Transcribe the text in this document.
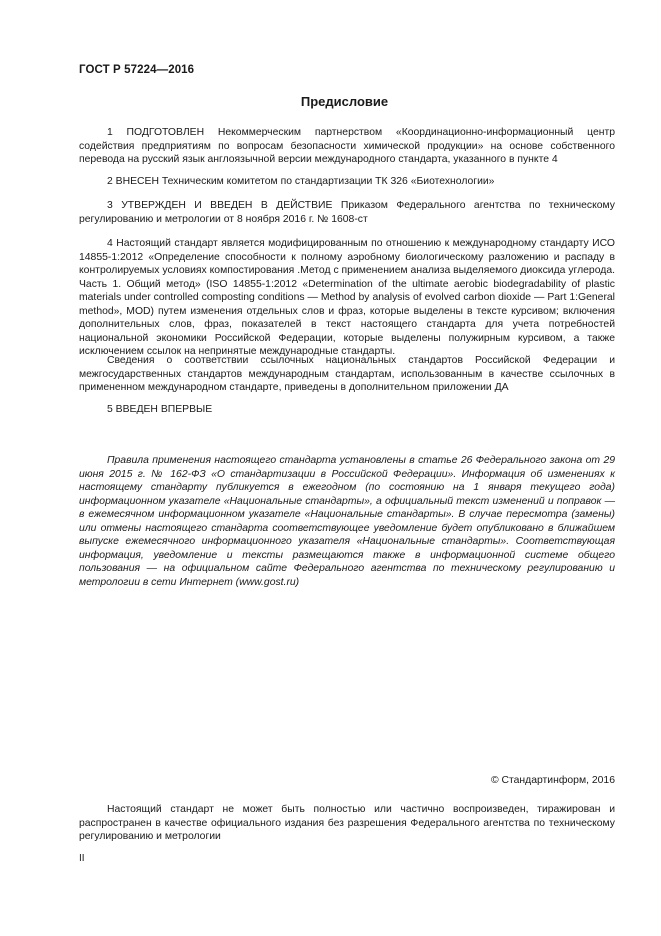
ГОСТ Р 57224—2016
Предисловие

1 ПОДГОТОВЛЕН Некоммерческим партнерством «Координационно-информационный центр содействия предприятиям по вопросам безопасности химической продукции» на основе собственного перевода на русский язык англоязычной версии международного стандарта, указанного в пункте 4

2 ВНЕСЕН Техническим комитетом по стандартизации ТК 326 «Биотехнологии»

3 УТВЕРЖДЕН И ВВЕДЕН В ДЕЙСТВИЕ Приказом Федерального агентства по техническому регулированию и метрологии от 8 ноября 2016 г. № 1608-ст

4 Настоящий стандарт является модифицированным по отношению к международному стандарту ИСО 14855-1:2012 «Определение способности к полному аэробному биологическому разложению и распаду в контролируемых условиях компостирования .Метод с применением анализа выделяемого диоксида углерода. Часть 1. Общий метод» (ISO 14855-1:2012 «Determination of the ultimate aerobic biodegradability of plastic materials under controlled composting conditions — Method by analysis of evolved carbon dioxide — Part 1:General method», MOD) путем изменения отдельных слов и фраз, которые выделены в тексте курсивом; включения дополнительных слов, фраз, показателей в текст настоящего стандарта для учета потребностей национальной экономики Российской Федерации, которые выделены полужирным курсивом, а также исключением ссылок на непринятые международные стандарты.

Сведения о соответствии ссылочных национальных стандартов Российской Федерации и межгосударственных стандартов международным стандартам, использованным в качестве ссылочных в примененном международном стандарте, приведены в дополнительном приложении ДА

5 ВВЕДЕН ВПЕРВЫЕ

Правила применения настоящего стандарта установлены в статье 26 Федерального закона от 29 июня 2015 г. № 162-ФЗ «О стандартизации в Российской Федерации». Информация об изменениях к настоящему стандарту публикуется в ежегодном (по состоянию на 1 января текущего года) информационном указателе «Национальные стандарты», а официальный текст изменений и поправок — в ежемесячном информационном указателе «Национальные стандарты». В случае пересмотра (замены) или отмены настоящего стандарта соответствующее уведомление будет опубликовано в ближайшем выпуске ежемесячного информационного указателя «Национальные стандарты». Соответствующая информация, уведомление и тексты размещаются также в информационной системе общего пользования — на официальном сайте Федерального агентства по техническому регулированию и метрологии в сети Интернет (www.gost.ru)

© Стандартинформ, 2016

Настоящий стандарт не может быть полностью или частично воспроизведен, тиражирован и распространен в качестве официального издания без разрешения Федерального агентства по техническому регулированию и метрологии

II
